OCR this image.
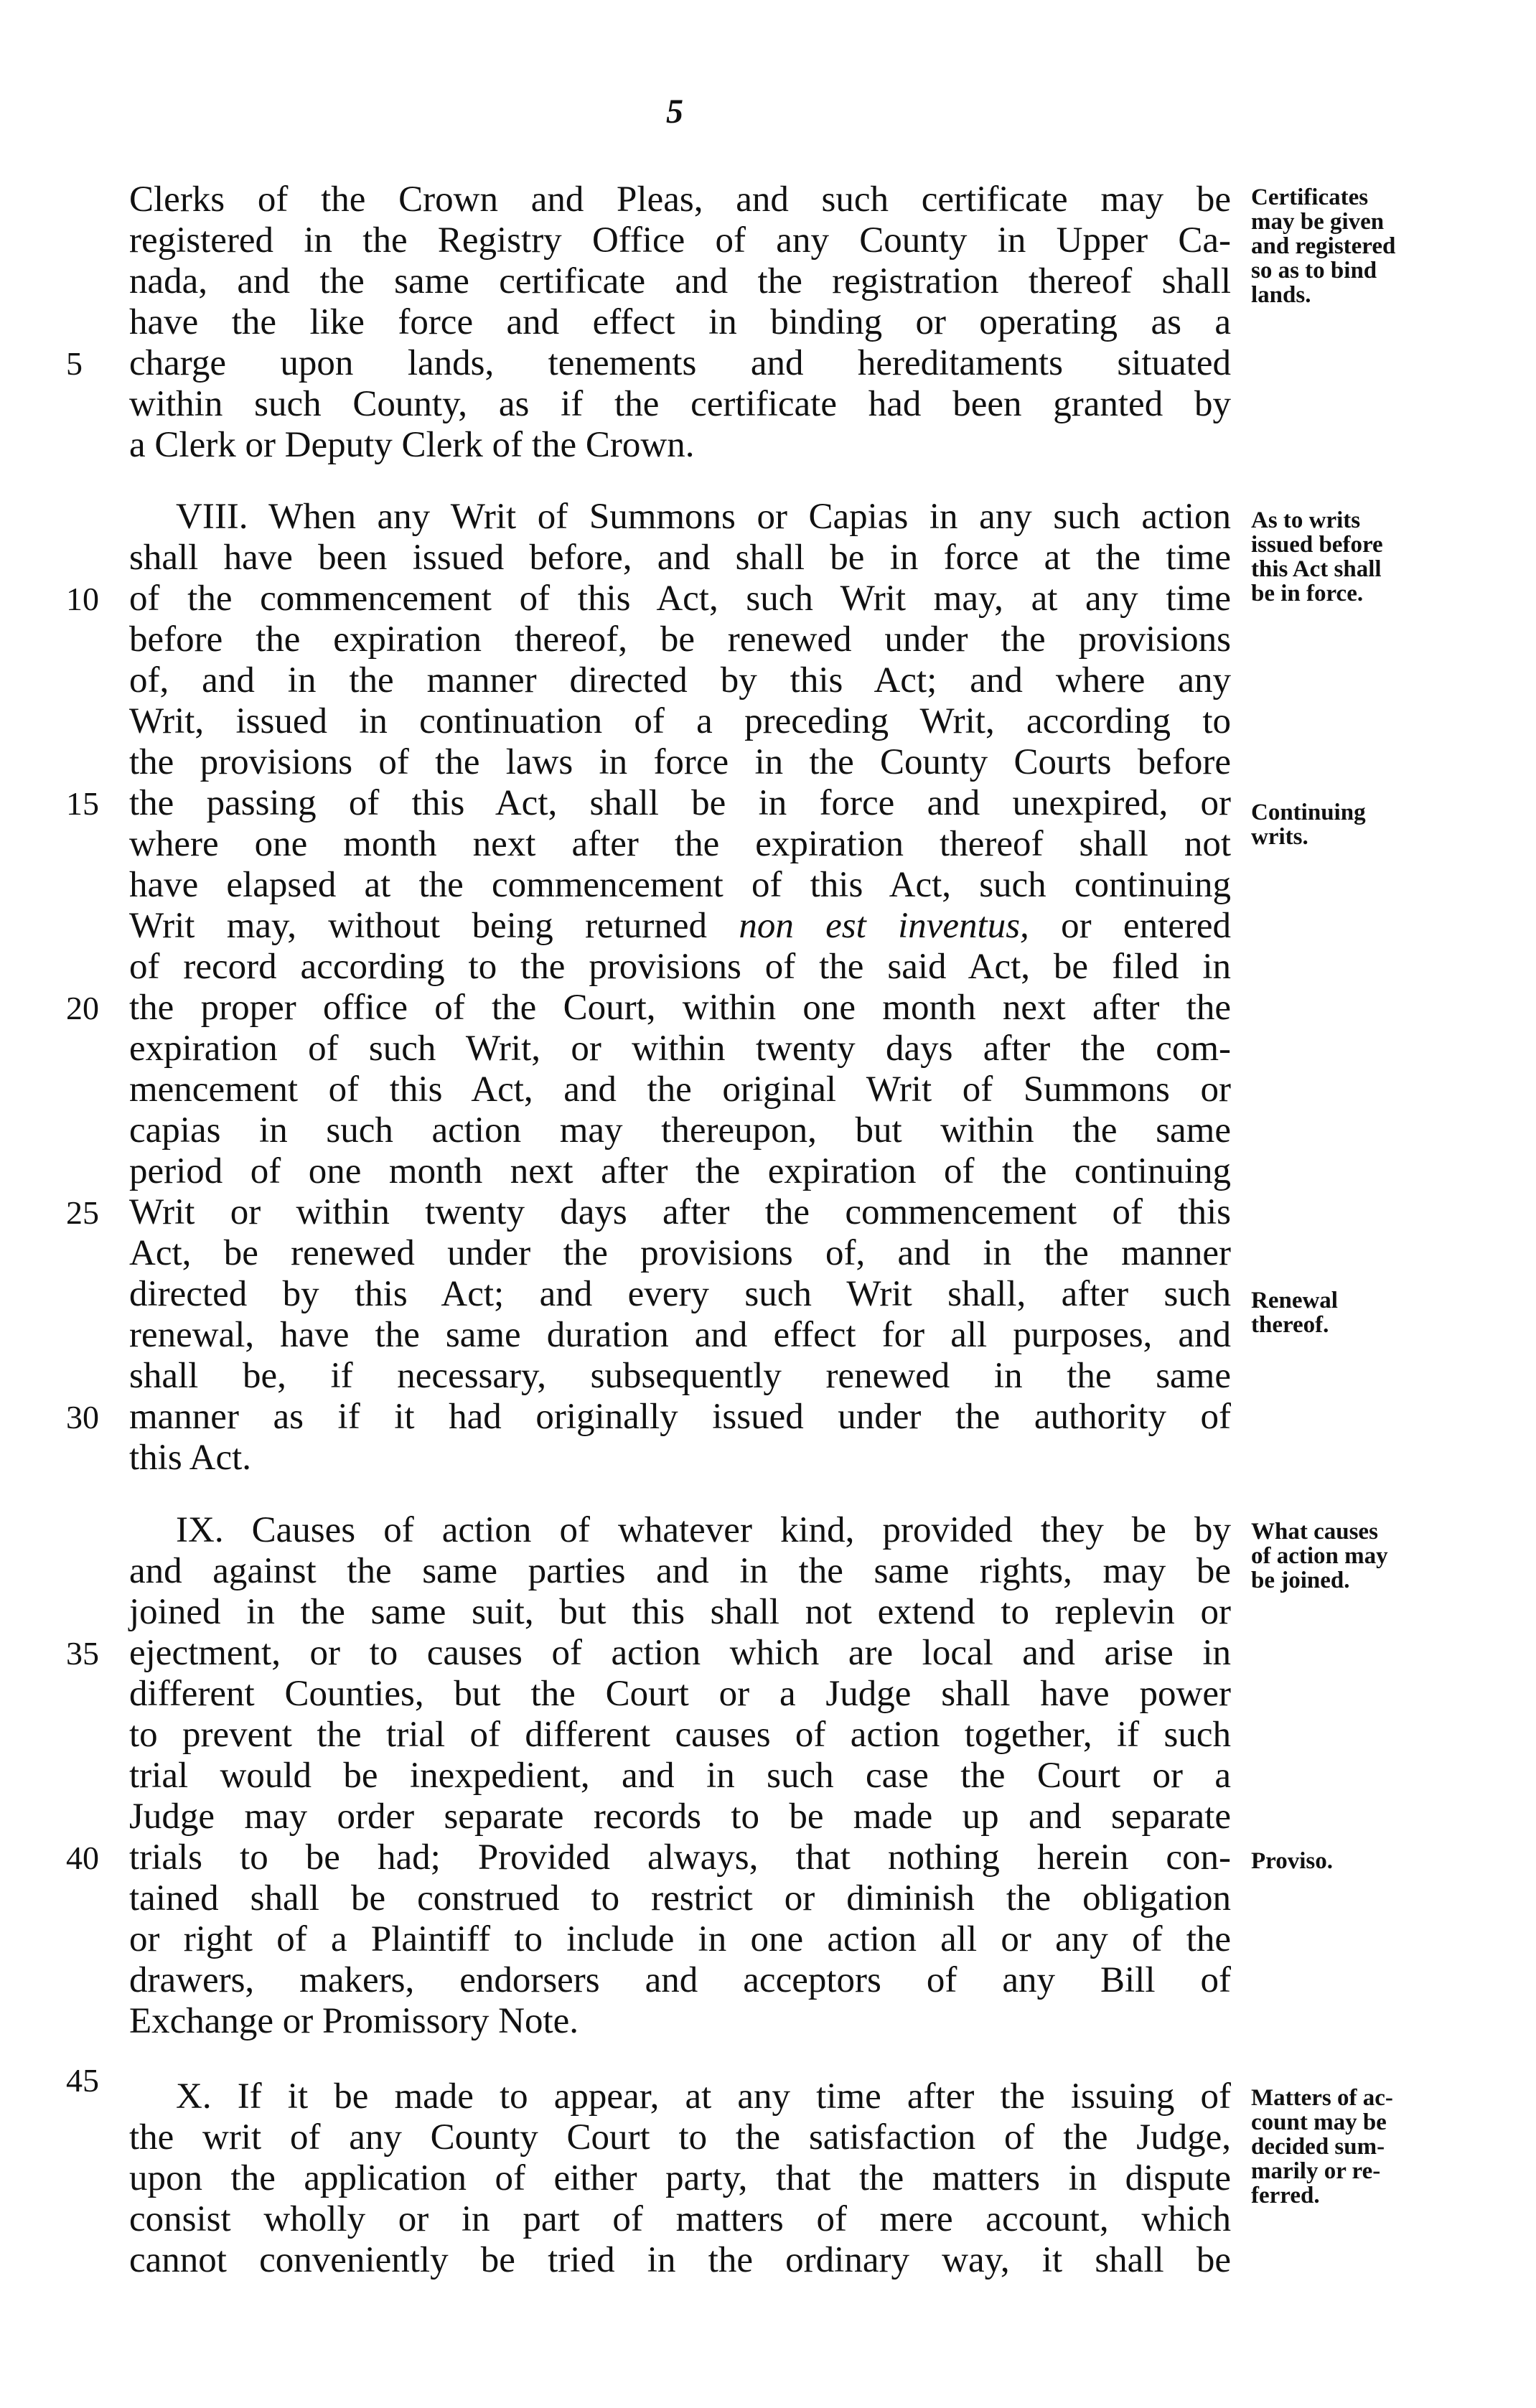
5
Clerks of the Crown and Pleas, and such certificate may be
registered in the Registry Office of any County in Upper Ca-
nada, and the same certificate and the registration thereof shall
have the like force and effect in binding or operating as a
charge upon lands, tenements and hereditaments situated
within such County, as if the certificate had been granted by
a Clerk or Deputy Clerk of the Crown.
VIII. When any Writ of Summons or Capias in any such action
shall have been issued before, and shall be in force at the time
of the commencement of this Act, such Writ may, at any time
before the expiration thereof, be renewed under the provisions
of, and in the manner directed by this Act; and where any
Writ, issued in continuation of a preceding Writ, according to
the provisions of the laws in force in the County Courts before
the passing of this Act, shall be in force and unexpired, or
where one month next after the expiration thereof shall not
have elapsed at the commencement of this Act, such continuing
Writ may, without being returned non est inventus, or entered
of record according to the provisions of the said Act, be filed in
the proper office of the Court, within one month next after the
expiration of such Writ, or within twenty days after the com-
mencement of this Act, and the original Writ of Summons or
capias in such action may thereupon, but within the same
period of one month next after the expiration of the continuing
Writ or within twenty days after the commencement of this
Act, be renewed under the provisions of, and in the manner
directed by this Act; and every such Writ shall, after such
renewal, have the same duration and effect for all purposes, and
shall be, if necessary, subsequently renewed in the same
manner as if it had originally issued under the authority of
this Act.
IX. Causes of action of whatever kind, provided they be by
and against the same parties and in the same rights, may be
joined in the same suit, but this shall not extend to replevin or
ejectment, or to causes of action which are local and arise in
different Counties, but the Court or a Judge shall have power
to prevent the trial of different causes of action together, if such
trial would be inexpedient, and in such case the Court or a
Judge may order separate records to be made up and separate
trials to be had; Provided always, that nothing herein con-
tained shall be construed to restrict or diminish the obligation
or right of a Plaintiff to include in one action all or any of the
drawers, makers, endorsers and acceptors of any Bill of
Exchange or Promissory Note.
X. If it be made to appear, at any time after the issuing of
the writ of any County Court to the satisfaction of the Judge,
upon the application of either party, that the matters in dispute
consist wholly or in part of matters of mere account, which
cannot conveniently be tried in the ordinary way, it shall be
5
10
15
20
25
30
35
40
45
Certificates
may be given
and registered
so as to bind
lands.
As to writs
issued before
this Act shall
be in force.
Continuing
writs.
Renewal
thereof.
What causes
of action may
be joined.
Proviso.
Matters of ac-
count may be
decided sum-
marily or re-
ferred.
